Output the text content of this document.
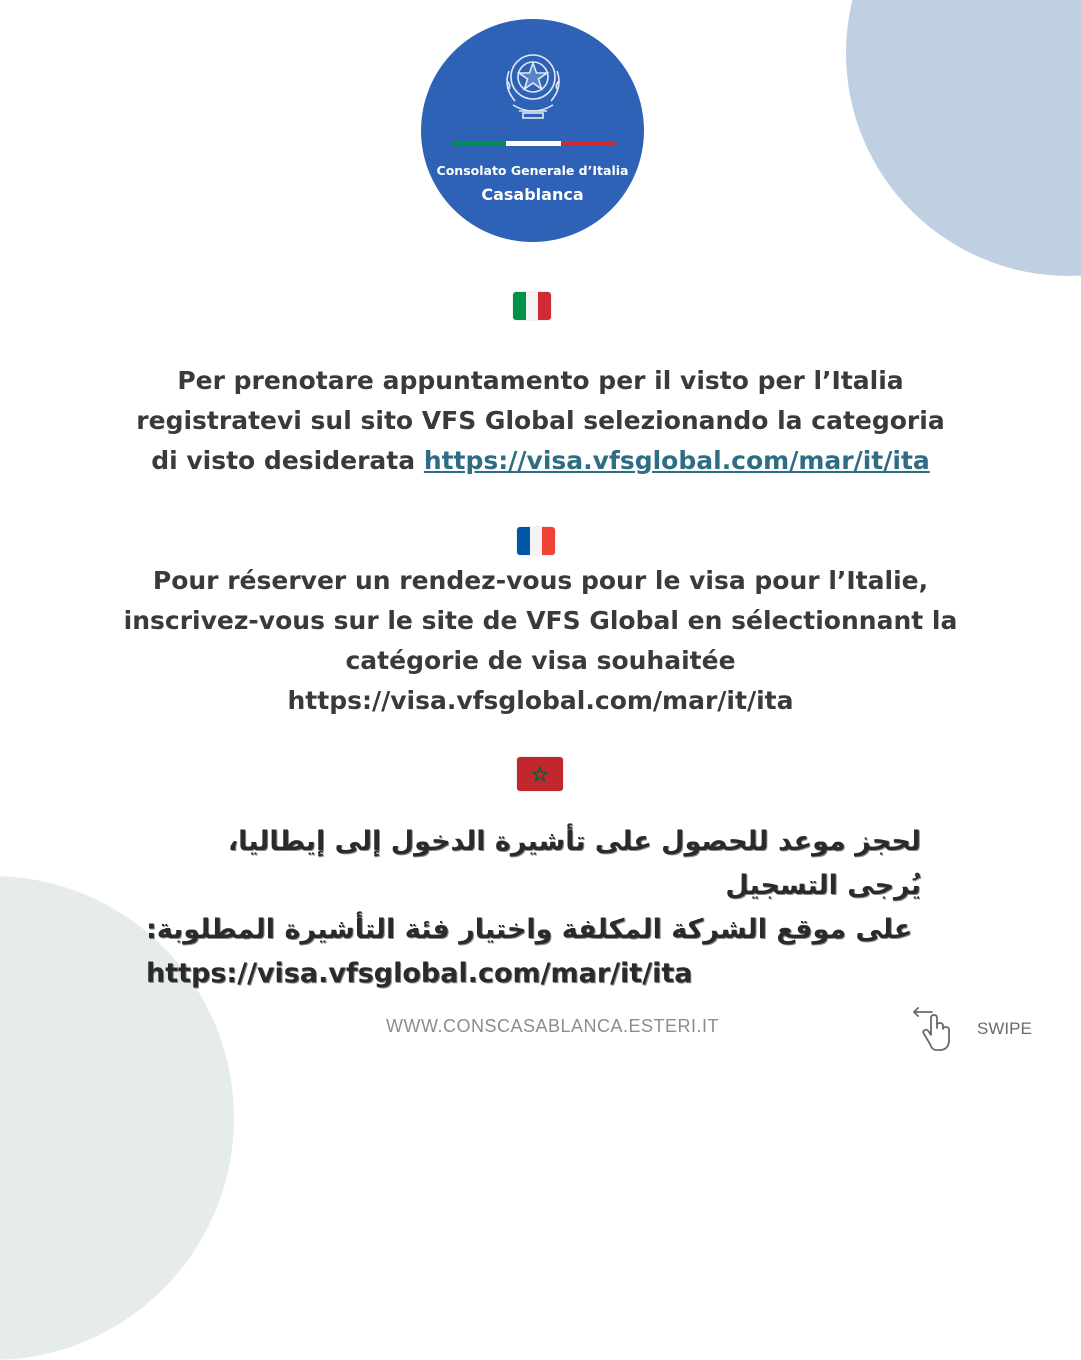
Consolato Generale d’Italia
Casablanca

Per prenotare appuntamento per il visto per l’Italia
registratevi sul sito VFS Global selezionando la categoria
di visto desiderata https://visa.vfsglobal.com/mar/it/ita

Pour réserver un rendez-vous pour le visa pour l’Italie,
inscrivez-vous sur le site de VFS Global en sélectionnant la
catégorie de visa souhaitée
https://visa.vfsglobal.com/mar/it/ita

لحجز موعد للحصول على تأشيرة الدخول إلى إيطاليا، يُرجى التسجيل
على موقع الشركة المكلفة واختيار فئة التأشيرة المطلوبة:
https://visa.vfsglobal.com/mar/it/ita
WWW.CONSCASABLANCA.ESTERI.IT	SWIPE
